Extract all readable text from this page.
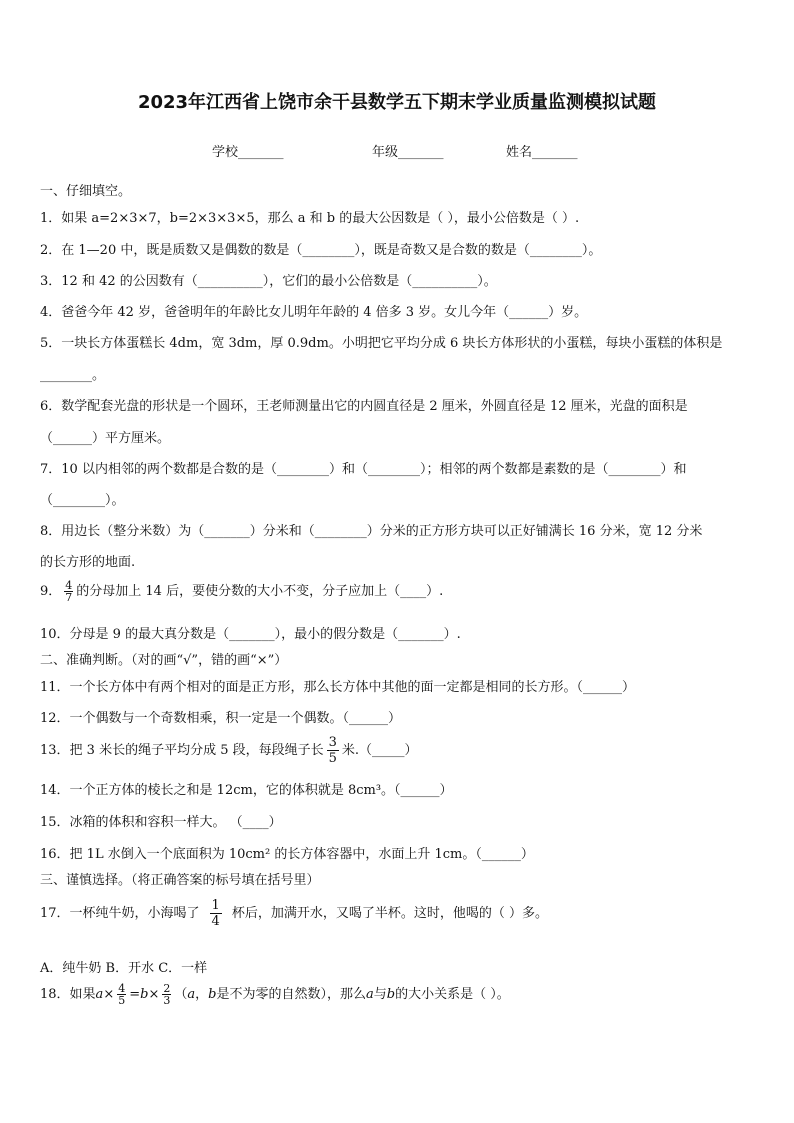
2023年江西省上饶市余干县数学五下期末学业质量监测模拟试题
学校_______	年级_______	姓名_______
一、仔细填空。
1．如果 a=2×3×7，b=2×3×3×5，那么 a 和 b 的最大公因数是（ ），最小公倍数是（ ）.
2．在 1—20 中，既是质数又是偶数的数是（________），既是奇数又是合数的数是（________）。
3．12 和 42 的公因数有（__________），它们的最小公倍数是（__________）。
4．爸爸今年 42 岁，爸爸明年的年龄比女儿明年年龄的 4 倍多 3 岁。女儿今年（______）岁。
5．一块长方体蛋糕长 4dm，宽 3dm，厚 0.9dm。小明把它平均分成 6 块长方体形状的小蛋糕，每块小蛋糕的体积是
________。
6．数学配套光盘的形状是一个圆环，王老师测量出它的内圆直径是 2 厘米，外圆直径是 12 厘米，光盘的面积是
（______）平方厘米。
7．10 以内相邻的两个数都是合数的是（________）和（________）；相邻的两个数都是素数的是（________）和
（________）。
8．用边长（整分米数）为（_______）分米和（________）分米的正方形方块可以正好铺满长 16 分米，宽 12 分米
的长方形的地面.
9． $\frac{4}{7}$ 的分母加上 14 后，要使分数的大小不变，分子应加上（____）.
10．分母是 9 的最大真分数是（_______），最小的假分数是（_______）.
二、准确判断。（对的画“√”，错的画“×”）
11．一个长方体中有两个相对的面是正方形，那么长方体中其他的面一定都是相同的长方形。（______）
12．一个偶数与一个奇数相乘，积一定是一个偶数。（______）
13．把 3 米长的绳子平均分成 5 段，每段绳子长 $\frac{3}{5}$ 米.（_____）
14．一个正方体的棱长之和是 12cm，它的体积就是 8cm³。（______）
15．冰箱的体积和容积一样大。 （____）
16．把 1L 水倒入一个底面积为 10cm² 的长方体容器中，水面上升 1cm。（______）
三、谨慎选择。（将正确答案的标号填在括号里）
17．一杯纯牛奶，小海喝了 $\frac{1}{4}$ 杯后，加满开水，又喝了半杯。这时，他喝的（ ）多。
A．纯牛奶 B．开水 C．一样
18．如果$a\times \frac{4}{5} =b\times \frac{2}{3} (a$，b是不为零的自然数），那么a与b的大小关系是（ ）。
